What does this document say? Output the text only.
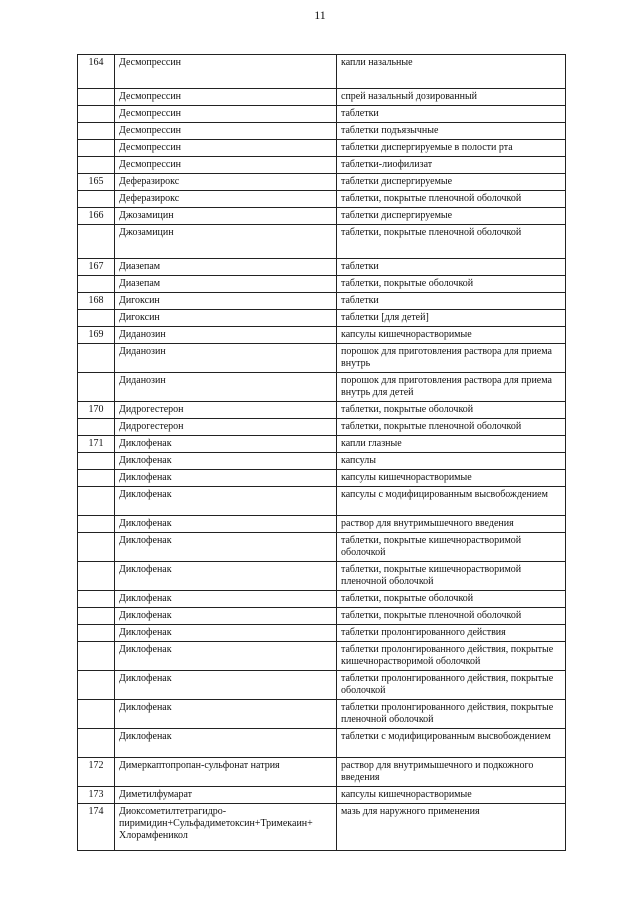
11
164	Десмопрессин	капли назальные
	Десмопрессин	спрей назальный дозированный
	Десмопрессин	таблетки
	Десмопрессин	таблетки подъязычные
	Десмопрессин	таблетки диспергируемые в полости рта
	Десмопрессин	таблетки-лиофилизат
165	Деферазирокс	таблетки диспергируемые
	Деферазирокс	таблетки, покрытые пленочной оболочкой
166	Джозамицин	таблетки диспергируемые
	Джозамицин	таблетки, покрытые пленочной оболочкой
167	Диазепам	таблетки
	Диазепам	таблетки, покрытые оболочкой
168	Дигоксин	таблетки
	Дигоксин	таблетки [для детей]
169	Диданозин	капсулы кишечнорастворимые
	Диданозин	порошок для приготовления раствора для приема внутрь
	Диданозин	порошок для приготовления раствора для приема внутрь для детей
170	Дидрогестерон	таблетки, покрытые оболочкой
	Дидрогестерон	таблетки, покрытые пленочной оболочкой
171	Диклофенак	капли глазные
	Диклофенак	капсулы
	Диклофенак	капсулы кишечнорастворимые
	Диклофенак	капсулы с модифицированным высвобождением
	Диклофенак	раствор для внутримышечного введения
	Диклофенак	таблетки, покрытые кишечнорастворимой оболочкой
	Диклофенак	таблетки, покрытые кишечнорастворимой пленочной оболочкой
	Диклофенак	таблетки, покрытые оболочкой
	Диклофенак	таблетки, покрытые пленочной оболочкой
	Диклофенак	таблетки пролонгированного действия
	Диклофенак	таблетки пролонгированного действия, покрытые кишечнорастворимой оболочкой
	Диклофенак	таблетки пролонгированного действия, покрытые оболочкой
	Диклофенак	таблетки пролонгированного действия, покрытые пленочной оболочкой
	Диклофенак	таблетки с модифицированным высвобождением
172	Димеркаптопропан-сульфонат натрия	раствор для внутримышечного и подкожного введения
173	Диметилфумарат	капсулы кишечнорастворимые
174	Диоксометилтетрагидро-пиримидин+Сульфадиметоксин+Тримекаин+ Хлорамфеникол	мазь для наружного применения
